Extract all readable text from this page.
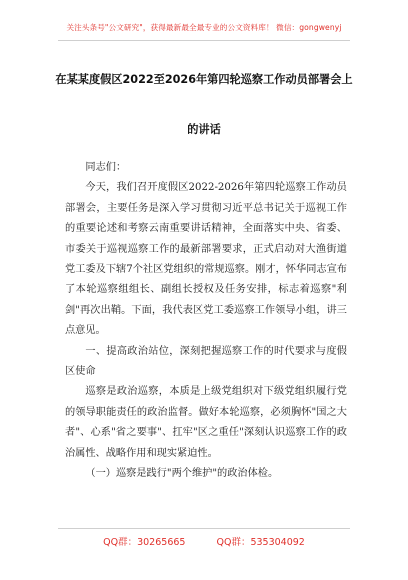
关注头条号"公文研究"，获得最新最全最专业的公文资料库！ 微信：gongwenyj
在某某度假区2022至2026年第四轮巡察工作动员部署会上
的讲话

同志们：

今天，我们召开度假区2022-2026年第四轮巡察工作动员部署会，主要任务是深入学习贯彻习近平总书记关于巡视工作的重要论述和考察云南重要讲话精神，全面落实中央、省委、市委关于巡视巡察工作的最新部署要求，正式启动对大渔街道党工委及下辖7个社区党组织的常规巡察。刚才，怀华同志宣布了本轮巡察组组长、副组长授权及任务安排，标志着巡察"利剑"再次出鞘。下面，我代表区党工委巡察工作领导小组，讲三点意见。

一、提高政治站位，深刻把握巡察工作的时代要求与度假区使命

巡察是政治巡察，本质是上级党组织对下级党组织履行党的领导职能责任的政治监督。做好本轮巡察，必须胸怀"国之大者"、心系"省之要事"、扛牢"区之重任"深刻认识巡察工作的政治属性、战略作用和现实紧迫性。

（一）巡察是践行"两个维护"的政治体检。

QQ群：30265665	QQ群：535304092
